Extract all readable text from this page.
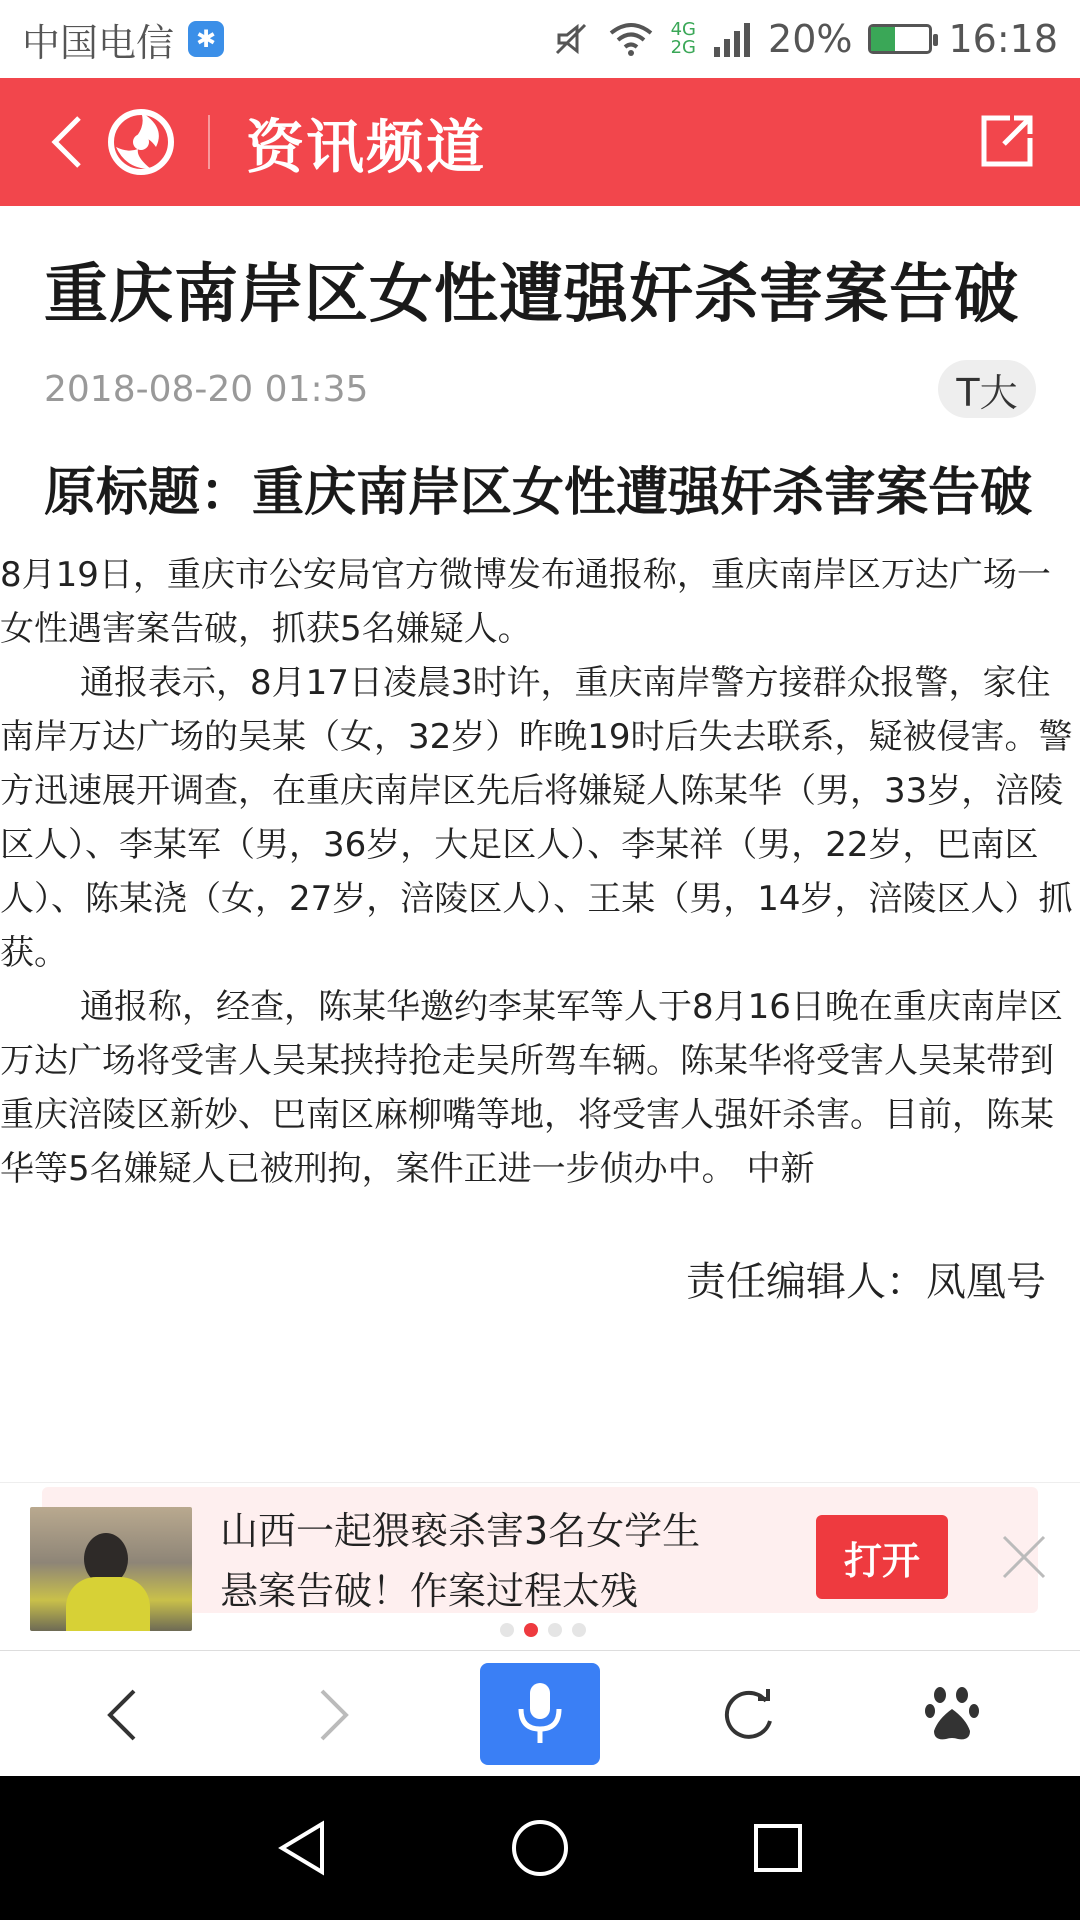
中国电信 ✱	4G
2G 20%	16:18
资讯频道
重庆南岸区女性遭强奸杀害案告破
2018-08-20 01:35	T大
原标题：重庆南岸区女性遭强奸杀害案告破

8月19日，重庆市公安局官方微博发布通报称，重庆南岸区万达广场一女性遇害案告破，抓获5名嫌疑人。

通报表示，8月17日凌晨3时许，重庆南岸警方接群众报警，家住南岸万达广场的吴某（女，32岁）昨晚19时后失去联系，疑被侵害。警方迅速展开调查，在重庆南岸区先后将嫌疑人陈某华（男，33岁，涪陵区人）、李某军（男，36岁，大足区人）、李某祥（男，22岁，巴南区人）、陈某浇（女，27岁，涪陵区人）、王某（男，14岁，涪陵区人）抓获。

通报称，经查，陈某华邀约李某军等人于8月16日晚在重庆南岸区万达广场将受害人吴某挟持抢走吴所驾车辆。陈某华将受害人吴某带到重庆涪陵区新妙、巴南区麻柳嘴等地，将受害人强奸杀害。目前，陈某华等5名嫌疑人已被刑拘，案件正进一步侦办中。 中新

责任编辑人：凤凰号
山西一起猥亵杀害3名女学生
悬案告破！作案过程太残
打开
